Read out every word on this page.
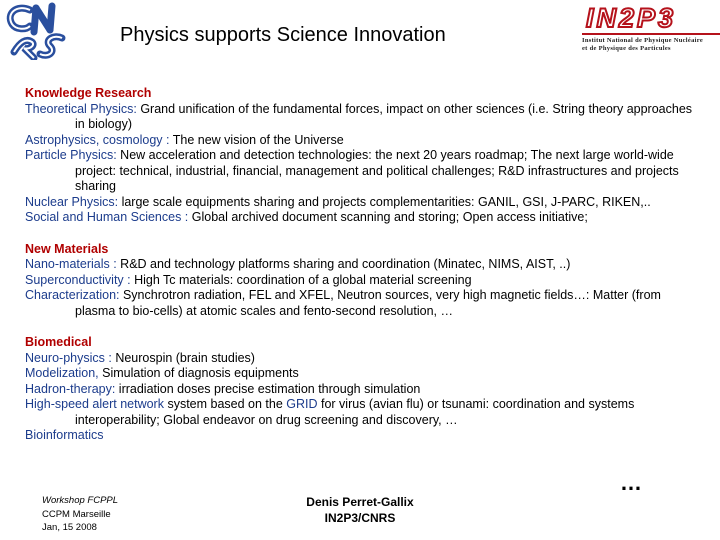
Physics supports Science Innovation
IN2P3
Institut National de Physique Nucléaire
et de Physique des Particules
Knowledge Research
Theoretical Physics: Grand unification of the fundamental forces, impact on other sciences (i.e. String theory approaches in biology)
Astrophysics, cosmology : The new vision of the Universe
Particle Physics: New acceleration and detection technologies: the next 20 years roadmap; The next large world-wide project: technical, industrial, financial, management and political challenges; R&D infrastructures and projects sharing
Nuclear Physics: large scale equipments sharing and projects complementarities: GANIL, GSI, J-PARC, RIKEN,..
Social and Human Sciences : Global archived document scanning and storing; Open access initiative;
New Materials
Nano-materials : R&D and technology platforms sharing and coordination (Minatec, NIMS, AIST, ..)
Superconductivity : High Tc materials: coordination of a global material screening
Characterization: Synchrotron radiation, FEL and XFEL, Neutron sources, very high magnetic fields…: Matter (from plasma to bio-cells) at atomic scales and fento-second resolution, …
Biomedical
Neuro-physics : Neurospin (brain studies)
Modelization, Simulation of diagnosis equipments
Hadron-therapy: irradiation doses precise estimation through simulation
High-speed alert network system based on the GRID for virus (avian flu) or tsunami: coordination and systems interoperability; Global endeavor on drug screening and discovery, …
Bioinformatics
…
Workshop FCPPL
CCPM Marseille
Jan, 15 2008
Denis Perret-Gallix
IN2P3/CNRS
